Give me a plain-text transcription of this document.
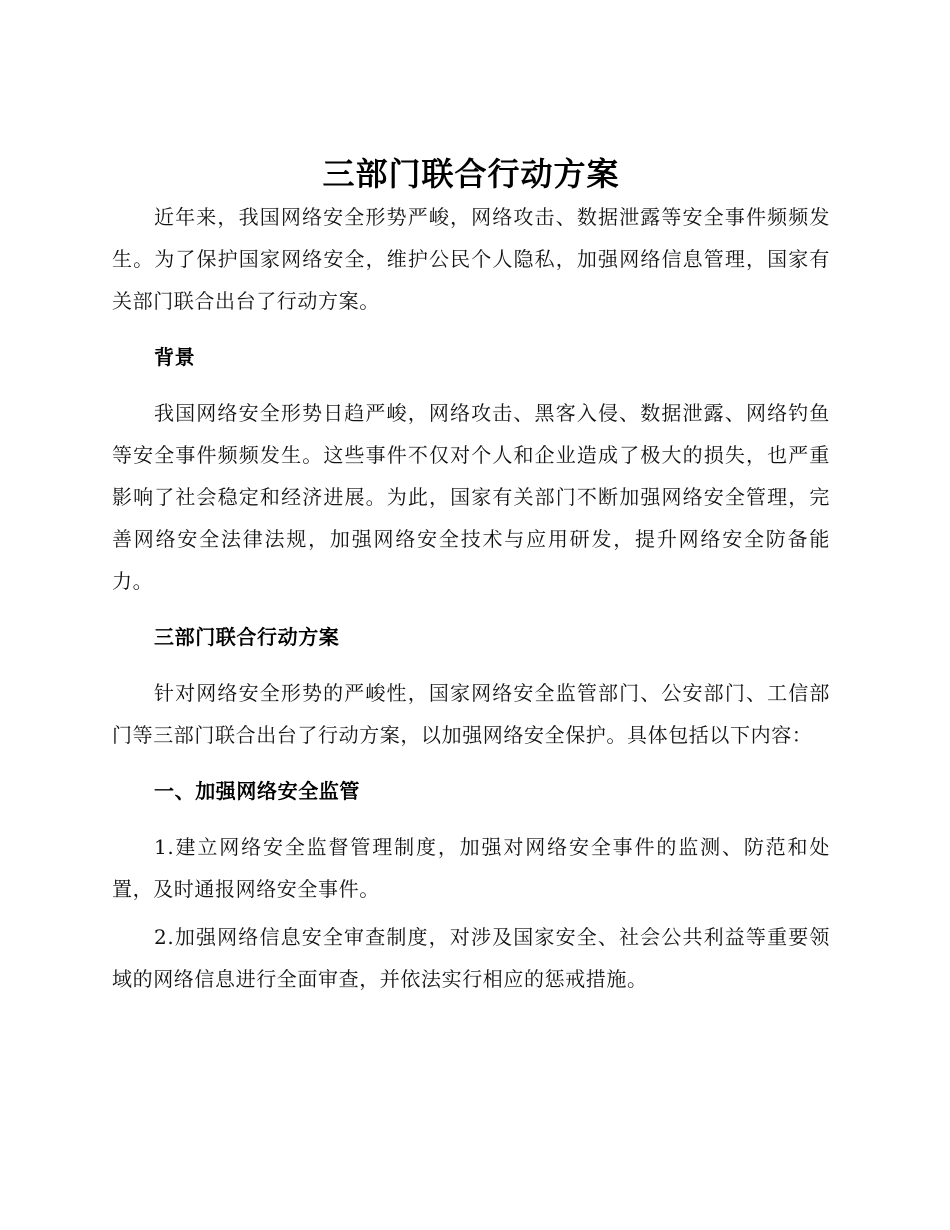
三部门联合行动方案

近年来，我国网络安全形势严峻，网络攻击、数据泄露等安全事件频频发生。为了保护国家网络安全，维护公民个人隐私，加强网络信息管理，国家有关部门联合出台了行动方案。

背景

我国网络安全形势日趋严峻，网络攻击、黑客入侵、数据泄露、网络钓鱼等安全事件频频发生。这些事件不仅对个人和企业造成了极大的损失，也严重影响了社会稳定和经济进展。为此，国家有关部门不断加强网络安全管理，完善网络安全法律法规，加强网络安全技术与应用研发，提升网络安全防备能力。

三部门联合行动方案

针对网络安全形势的严峻性，国家网络安全监管部门、公安部门、工信部门等三部门联合出台了行动方案，以加强网络安全保护。具体包括以下内容：

一、加强网络安全监管

1.建立网络安全监督管理制度，加强对网络安全事件的监测、防范和处置，及时通报网络安全事件。

2.加强网络信息安全审查制度，对涉及国家安全、社会公共利益等重要领域的网络信息进行全面审查，并依法实行相应的惩戒措施。
